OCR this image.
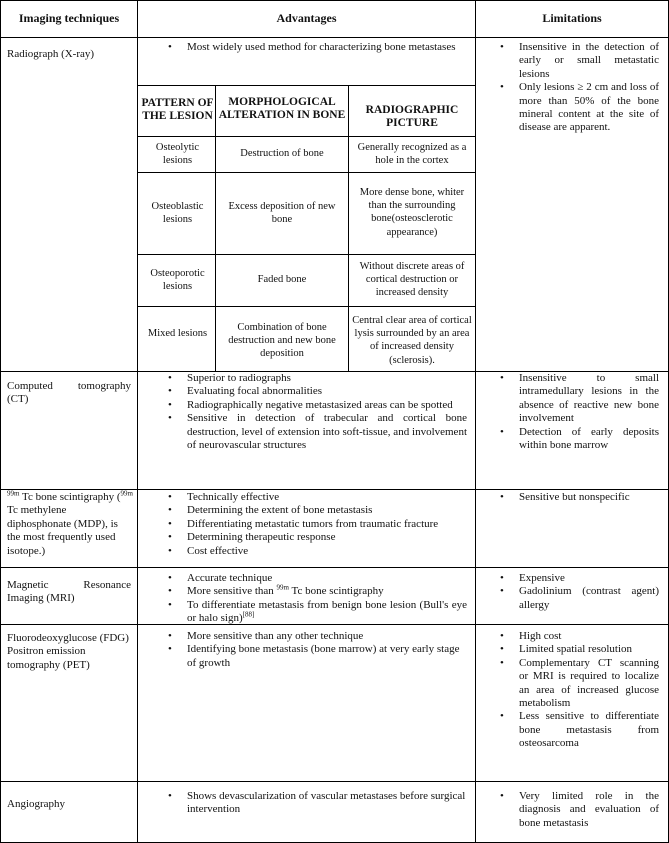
Imaging techniques	Advantages	Limitations
Radiograph (X-ray)
• Most widely used method for characterizing bone metastases
•	Insensitive in the detection of early or small metastatic lesions
• Only lesions ≥ 2 cm and loss of more than 50% of the bone mineral content at the site of disease are apparent.
PATTERN OF THE LESION
MORPHOLOGICAL ALTERATION IN BONE	RADIOGRAPHIC PICTURE
Osteolytic lesions
Destruction of bone
Generally recognized as a hole in the cortex
Osteoblastic lesions
Excess deposition of new bone
More dense bone, whiter than the surrounding bone(osteosclerotic appearance)
Osteoporotic lesions
Faded bone
Without discrete areas of cortical destruction or increased density
Mixed lesions
Combination of bone destruction and new bone deposition
Central clear area of cortical lysis surrounded by an area of increased density (sclerosis).
Computed tomography (CT)
• Superior to radiographs
• Evaluating focal abnormalities
• Radiographically negative metastasized areas can be spotted
• Sensitive in detection of trabecular and cortical bone destruction, level of extension into soft-tissue, and involvement of neurovascular structures
• Insensitive to small intramedullary lesions in the absence of reactive new bone involvement
• Detection of early deposits within bone marrow
$^{99m}$ Tc bone scintigraphy ($^{99m}$ Tc methylene diphosphonate (MDP), is the most frequently used isotope.)
• Technically effective
• Determining the extent of bone metastasis
• Differentiating metastatic tumors from traumatic fracture
• Determining therapeutic response
• Cost effective
• Sensitive but nonspecific
Magnetic Resonance Imaging (MRI)
• Accurate technique
• More sensitive than $^{99m}$ Tc bone scintigraphy
• To differentiate metastasis from benign bone lesion (Bull's eye or halo sign)[88]
• Expensive
• Gadolinium (contrast agent) allergy
Fluorodeoxyglucose (FDG) Positron emission tomography (PET)
• More sensitive than any other technique
• Identifying bone metastasis (bone marrow) at very early stage of growth
• High cost
• Limited spatial resolution
• Complementary CT scanning or MRI is required to localize an area of increased glucose metabolism
• Less sensitive to differentiate bone metastasis from osteosarcoma
Angiography
• Shows devascularization of vascular metastases before surgical intervention
• Very limited role in the diagnosis and evaluation of bone metastasis
